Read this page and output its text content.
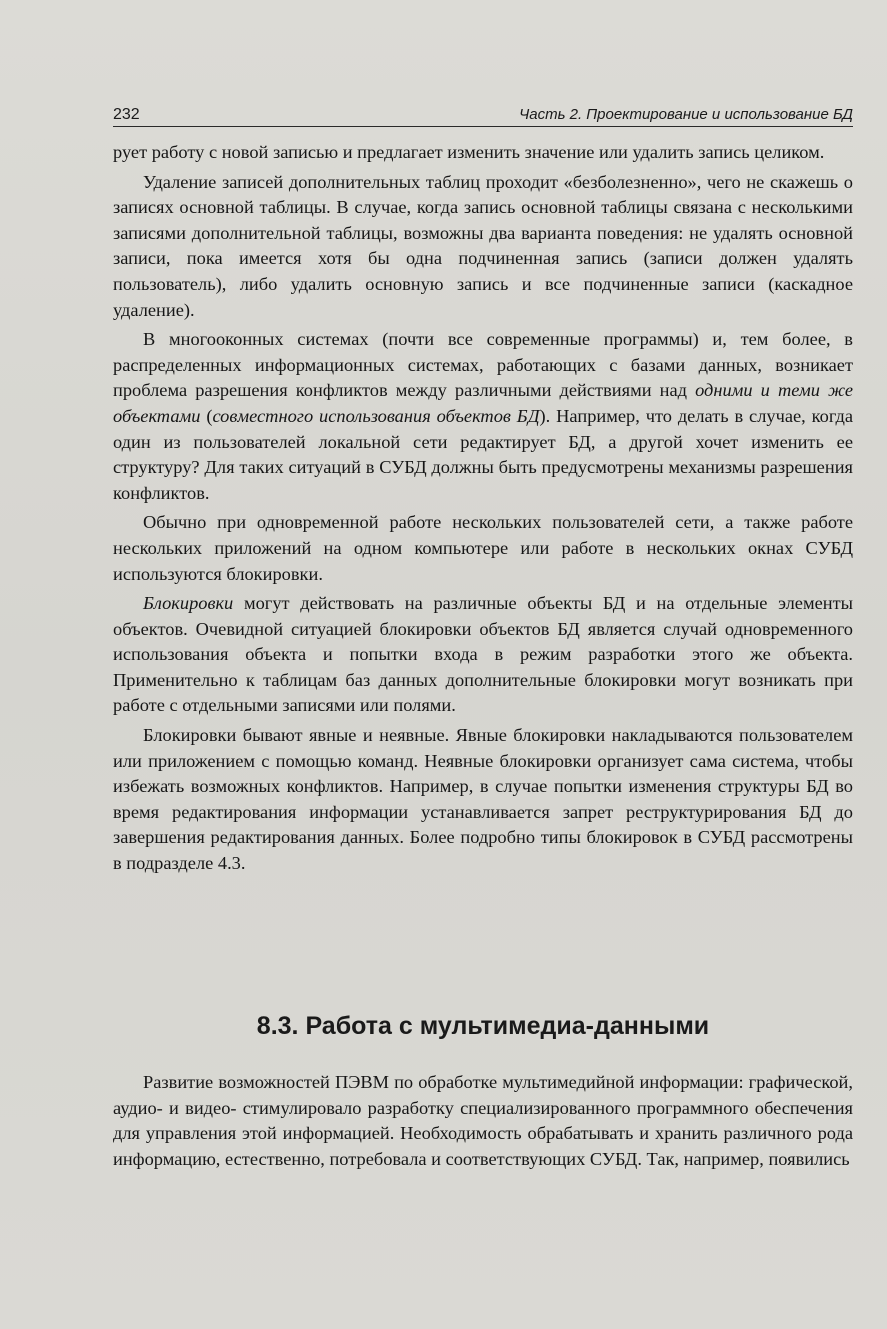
232	Часть 2. Проектирование и использование БД

рует работу с новой записью и предлагает изменить значение или удалить запись целиком.

Удаление записей дополнительных таблиц проходит «безболезненно», чего не скажешь о записях основной таблицы. В случае, когда запись основной таблицы связана с несколькими записями дополнительной таблицы, возможны два варианта поведения: не удалять основной записи, пока имеется хотя бы одна подчиненная запись (записи должен удалять пользователь), либо удалить основную запись и все подчиненные записи (каскадное удаление).

В многооконных системах (почти все современные программы) и, тем более, в распределенных информационных системах, работающих с базами данных, возникает проблема разрешения конфликтов между различными действиями над одними и теми же объектами (совместного использования объектов БД). Например, что делать в случае, когда один из пользователей локальной сети редактирует БД, а другой хочет изменить ее структуру? Для таких ситуаций в СУБД должны быть предусмотрены механизмы разрешения конфликтов.

Обычно при одновременной работе нескольких пользователей сети, а также работе нескольких приложений на одном компьютере или работе в нескольких окнах СУБД используются блокировки.

Блокировки могут действовать на различные объекты БД и на отдельные элементы объектов. Очевидной ситуацией блокировки объектов БД является случай одновременного использования объекта и попытки входа в режим разработки этого же объекта. Применительно к таблицам баз данных дополнительные блокировки могут возникать при работе с отдельными записями или полями.

Блокировки бывают явные и неявные. Явные блокировки накладываются пользователем или приложением с помощью команд. Неявные блокировки организует сама система, чтобы избежать возможных конфликтов. Например, в случае попытки изменения структуры БД во время редактирования информации устанавливается запрет реструктурирования БД до завершения редактирования данных. Более подробно типы блокировок в СУБД рассмотрены в подразделе 4.3.

8.3. Работа с мультимедиа-данными

Развитие возможностей ПЭВМ по обработке мультимедийной информации: графической, аудио- и видео- стимулировало разработку специализированного программного обеспечения для управления этой информацией. Необходимость обрабатывать и хранить различного рода информацию, естественно, потребовала и соответствующих СУБД. Так, например, появились
